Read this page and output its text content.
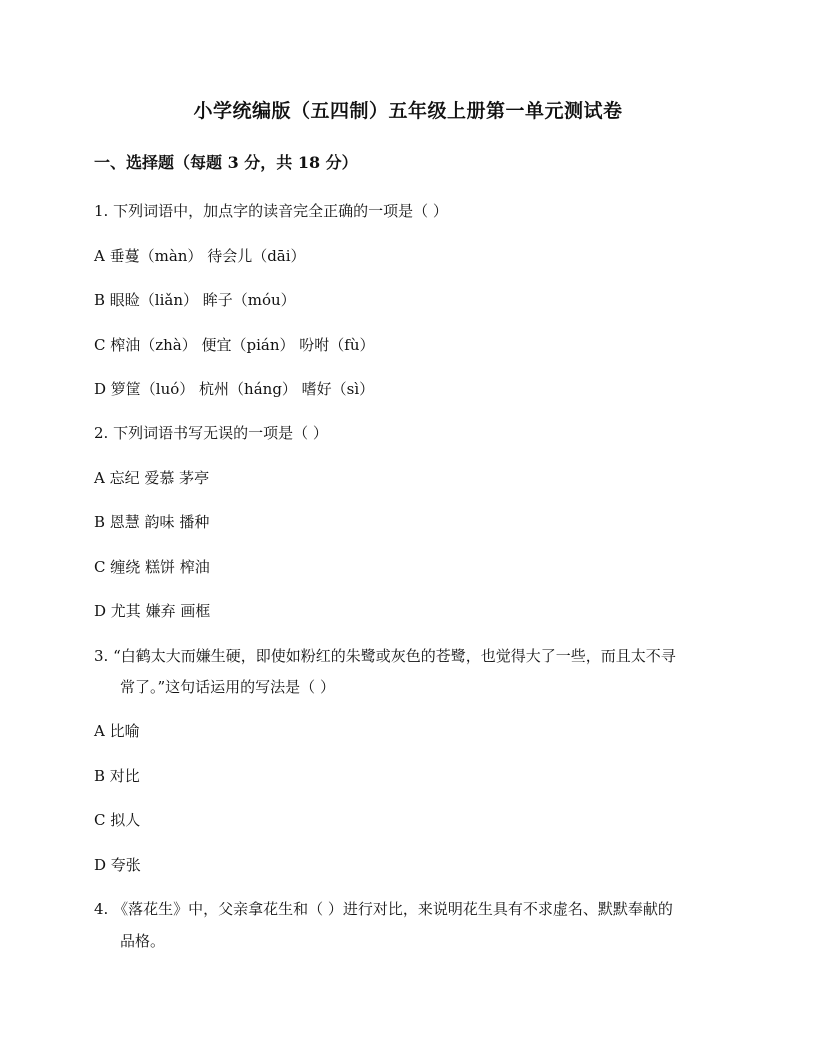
小学统编版（五四制）五年级上册第一单元测试卷
一、选择题（每题 3 分，共 18 分）
1. 下列词语中，加点字的读音完全正确的一项是（ ）
A 垂蔓（màn） 待会儿（dāi）
B 眼睑（liǎn） 眸子（móu）
C 榨油（zhà） 便宜（pián） 吩咐（fù）
D 箩筐（luó） 杭州（háng） 嗜好（sì）
2. 下列词语书写无误的一项是（ ）
A 忘纪 爱慕 茅亭
B 恩慧 韵味 播种
C 缠绕 糕饼 榨油
D 尤其 嫌弃 画框
3. “白鹤太大而嫌生硬，即使如粉红的朱鹭或灰色的苍鹭，也觉得大了一些，而且太不寻
常了。”这句话运用的写法是（ ）
A 比喻
B 对比
C 拟人
D 夸张
4. 《落花生》中，父亲拿花生和（ ）进行对比，来说明花生具有不求虚名、默默奉献的
品格。
